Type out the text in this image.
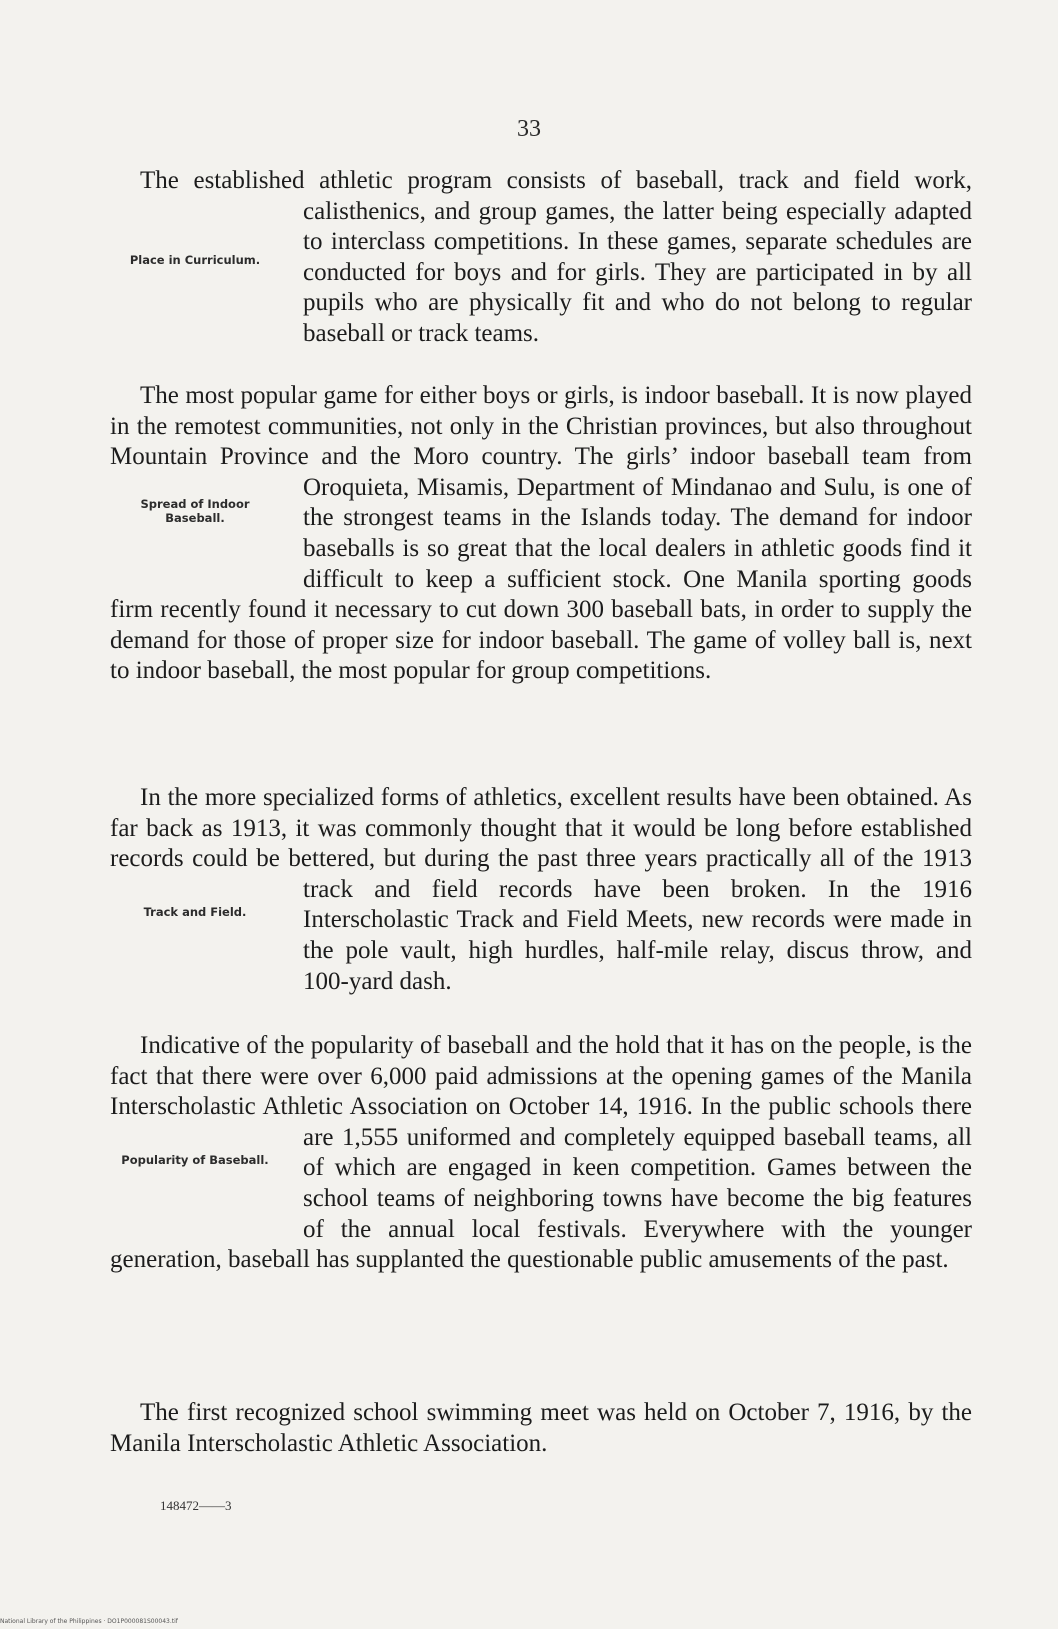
33
Place in Curriculum.

The established athletic program consists of baseball, track and field work, calisthenics, and group games, the latter being especially adapted to interclass competitions. In these games, separate schedules are conducted for boys and for girls. They are participated in by all pupils who are physically fit and who do not belong to regular baseball or track teams.

Spread of Indoor Baseball.

The most popular game for either boys or girls, is indoor baseball. It is now played in the remotest communities, not only in the Christian provinces, but also throughout Mountain Province and the Moro country. The girls’ indoor baseball team from Oroquieta, Misamis, Department of Mindanao and Sulu, is one of the strongest teams in the Islands today. The demand for indoor baseballs is so great that the local dealers in athletic goods find it difficult to keep a sufficient stock. One Manila sporting goods firm recently found it necessary to cut down 300 baseball bats, in order to supply the demand for those of proper size for indoor baseball. The game of volley ball is, next to indoor baseball, the most popular for group competitions.

Track and Field.

In the more specialized forms of athletics, excellent results have been obtained. As far back as 1913, it was commonly thought that it would be long before established records could be bettered, but during the past three years practically all of the 1913 track and field records have been broken. In the 1916 Interscholastic Track and Field Meets, new records were made in the pole vault, high hurdles, half-mile relay, discus throw, and 100-yard dash.

Popularity of Baseball.

Indicative of the popularity of baseball and the hold that it has on the people, is the fact that there were over 6,000 paid admissions at the opening games of the Manila Interscholastic Athletic Association on October 14, 1916. In the public schools there are 1,555 uniformed and completely equipped baseball teams, all of which are engaged in keen competition. Games between the school teams of neighboring towns have become the big features of the annual local festivals. Everywhere with the younger generation, baseball has supplanted the questionable public amusements of the past.

The first recognized school swimming meet was held on October 7, 1916, by the Manila Interscholastic Athletic Association.

148472——3
National Library of the Philippines · DO1P000081S00043.tif
